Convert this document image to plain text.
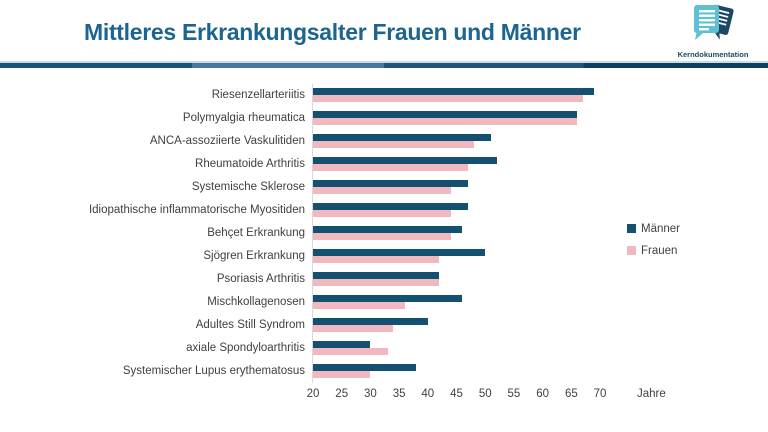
Mittleres Erkrankungsalter Frauen und Männer
Kerndokumentation
Riesenzellarteriitis
Polymyalgia rheumatica
ANCA-assoziierte Vaskulitiden
Rheumatoide Arthritis
Systemische Sklerose
Idiopathische inflammatorische Myositiden
Behçet Erkrankung
Sjögren Erkrankung
Psoriasis Arthritis
Mischkollagenosen
Adultes Still Syndrom
axiale Spondyloarthritis
Systemischer Lupus erythematosus
Jahre
20 25 30 35 40 45 50 55 60 65 70
Männer
Frauen
